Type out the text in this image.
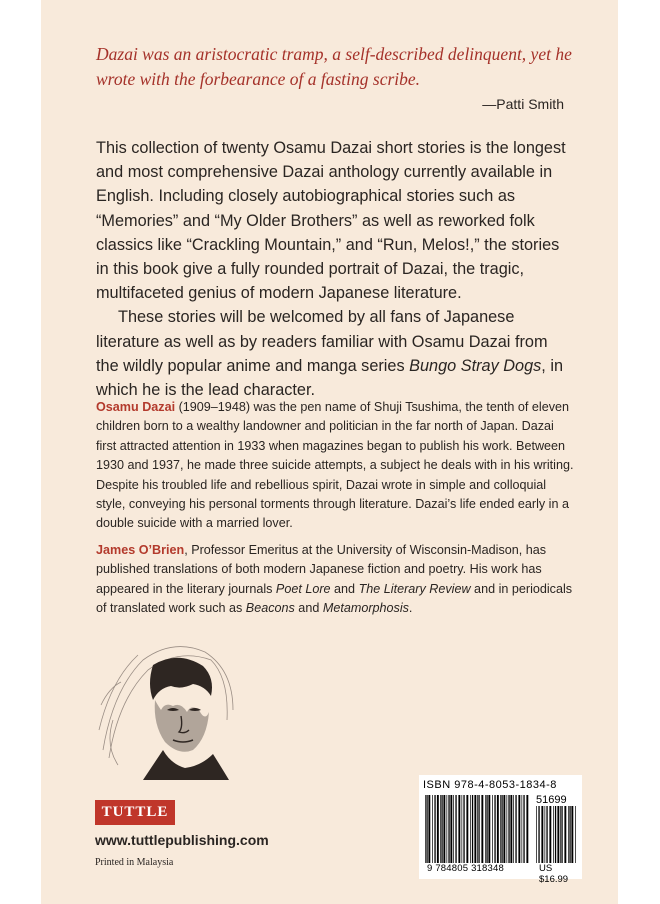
Dazai was an aristocratic tramp, a self-described delinquent, yet he wrote with the forbearance of a fasting scribe.
—Patti Smith

This collection of twenty Osamu Dazai short stories is the longest and most comprehensive Dazai anthology currently available in English. Including closely autobiographical stories such as “Memories” and “My Older Brothers” as well as reworked folk classics like “Crackling Mountain,” and “Run, Melos!,” the stories in this book give a fully rounded portrait of Dazai, the tragic, multifaceted genius of modern Japanese literature.

These stories will be welcomed by all fans of Japanese literature as well as by readers familiar with Osamu Dazai from the wildly popular anime and manga series Bungo Stray Dogs, in which he is the lead character.

Osamu Dazai (1909–1948) was the pen name of Shuji Tsushima, the tenth of eleven children born to a wealthy landowner and politician in the far north of Japan. Dazai first attracted attention in 1933 when magazines began to publish his work. Between 1930 and 1937, he made three suicide attempts, a subject he deals with in his writing. Despite his troubled life and rebellious spirit, Dazai wrote in simple and colloquial style, conveying his personal torments through literature. Dazai’s life ended early in a double suicide with a married lover.
James O’Brien, Professor Emeritus at the University of Wisconsin-Madison, has published translations of both modern Japanese fiction and poetry. His work has appeared in the literary journals Poet Lore and The Literary Review and in periodicals of translated work such as Beacons and Metamorphosis.
TUTTLE
www.tuttlepublishing.com
Printed in Malaysia
ISBN 978-4-8053-1834-8
51699
9 784805 318348	US $16.99
